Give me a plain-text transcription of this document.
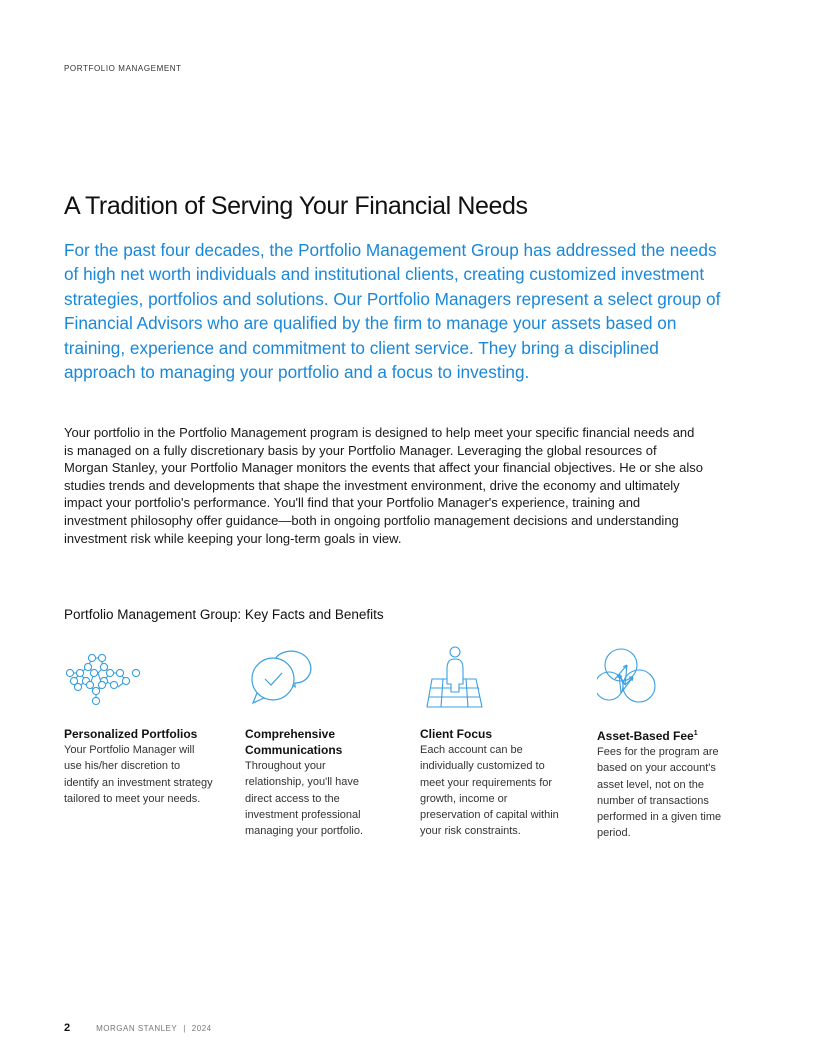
PORTFOLIO MANAGEMENT
A Tradition of Serving Your Financial Needs

For the past four decades, the Portfolio Management Group has addressed the needs of high net worth individuals and institutional clients, creating customized investment strategies, portfolios and solutions. Our Portfolio Managers represent a select group of Financial Advisors who are qualified by the firm to manage your assets based on training, experience and commitment to client service. They bring a disciplined approach to managing your portfolio and a focus to investing.

Your portfolio in the Portfolio Management program is designed to help meet your specific financial needs and is managed on a fully discretionary basis by your Portfolio Manager. Leveraging the global resources of Morgan Stanley, your Portfolio Manager monitors the events that affect your financial objectives. He or she also studies trends and developments that shape the investment environment, drive the economy and ultimately impact your portfolio's performance. You'll find that your Portfolio Manager's experience, training and investment philosophy offer guidance—both in ongoing portfolio management decisions and understanding investment risk while keeping your long-term goals in view.

Portfolio Management Group: Key Facts and Benefits
Personalized Portfolios
Your Portfolio Manager will use his/her discretion to identify an investment strategy tailored to meet your needs.
Comprehensive Communications
Throughout your relationship, you'll have direct access to the investment professional managing your portfolio.
Client Focus
Each account can be individually customized to meet your requirements for growth, income or preservation of capital within your risk constraints.
Asset-Based Fee$^1$
Fees for the program are based on your account's asset level, not on the number of transactions performed in a given time period.
2	MORGAN STANLEY | 2024
